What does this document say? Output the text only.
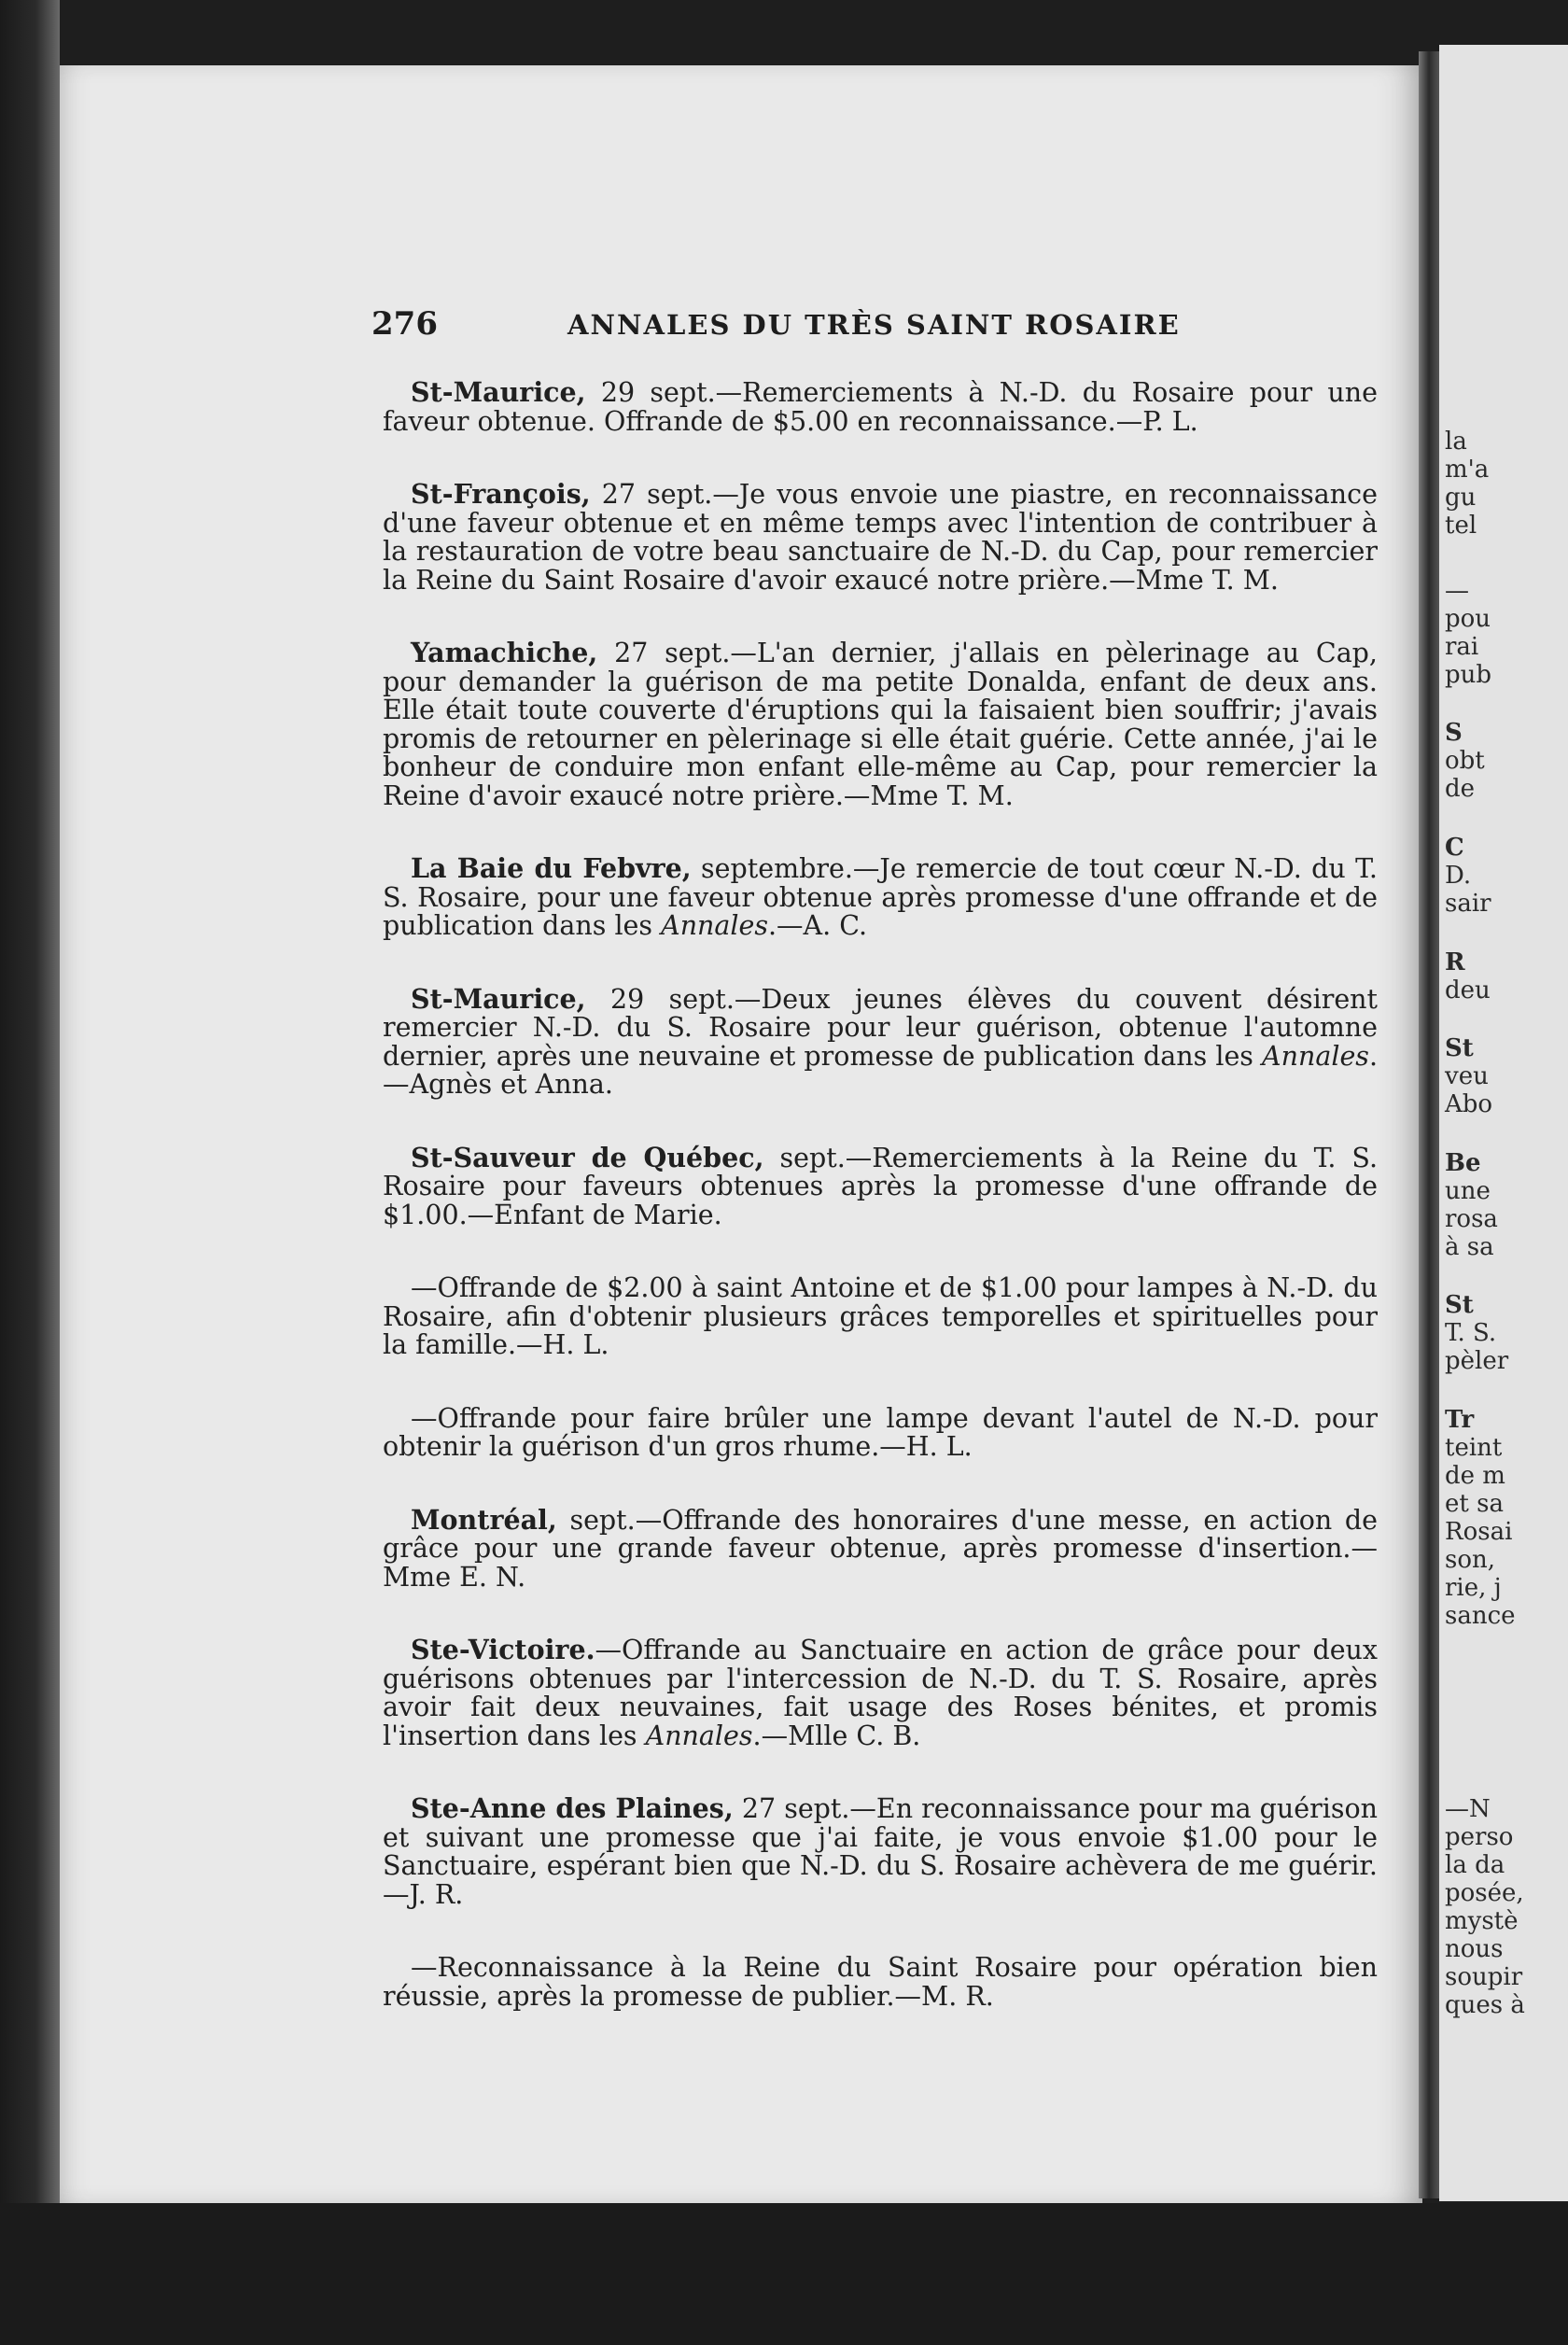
la
m'a
gu
tel
—
pou
rai
pub
S
obt
de
C
D.
sair
R
deu
St
veu
Abo
Be
une
rosa
à sa
St
T. S.
pèler
Tr
teint
de m
et sa
Rosai
son,
rie, j
sance
—N
perso
la da
posée,
mystè
nous
soupir
ques à
276	ANNALES DU TRÈS SAINT ROSAIRE

St-Maurice, 29 sept.—Remerciements à N.-D. du Rosaire pour une faveur obtenue. Offrande de $5.00 en reconnaissance.—P. L.

St-François, 27 sept.—Je vous envoie une piastre, en reconnaissance d'une faveur obtenue et en même temps avec l'intention de contribuer à la restauration de votre beau sanctuaire de N.-D. du Cap, pour remercier la Reine du Saint Rosaire d'avoir exaucé notre prière.—Mme T. M.

Yamachiche, 27 sept.—L'an dernier, j'allais en pèlerinage au Cap, pour demander la guérison de ma petite Donalda, enfant de deux ans. Elle était toute couverte d'éruptions qui la faisaient bien souffrir; j'avais promis de retourner en pèlerinage si elle était guérie. Cette année, j'ai le bonheur de conduire mon enfant elle-même au Cap, pour remercier la Reine d'avoir exaucé notre prière.—Mme T. M.

La Baie du Febvre, septembre.—Je remercie de tout cœur N.-D. du T. S. Rosaire, pour une faveur obtenue après promesse d'une offrande et de publication dans les Annales.—A. C.

St-Maurice, 29 sept.—Deux jeunes élèves du couvent désirent remercier N.-D. du S. Rosaire pour leur guérison, obtenue l'automne dernier, après une neuvaine et promesse de publication dans les Annales.—Agnès et Anna.

St-Sauveur de Québec, sept.—Remerciements à la Reine du T. S. Rosaire pour faveurs obtenues après la promesse d'une offrande de $1.00.—Enfant de Marie.

—Offrande de $2.00 à saint Antoine et de $1.00 pour lampes à N.-D. du Rosaire, afin d'obtenir plusieurs grâces temporelles et spirituelles pour la famille.—H. L.

—Offrande pour faire brûler une lampe devant l'autel de N.-D. pour obtenir la guérison d'un gros rhume.—H. L.

Montréal, sept.—Offrande des honoraires d'une messe, en action de grâce pour une grande faveur obtenue, après promesse d'insertion.—Mme E. N.

Ste-Victoire.—Offrande au Sanctuaire en action de grâce pour deux guérisons obtenues par l'intercession de N.-D. du T. S. Rosaire, après avoir fait deux neuvaines, fait usage des Roses bénites, et promis l'insertion dans les Annales.—Mlle C. B.

Ste-Anne des Plaines, 27 sept.—En reconnaissance pour ma guérison et suivant une promesse que j'ai faite, je vous envoie $1.00 pour le Sanctuaire, espérant bien que N.-D. du S. Rosaire achèvera de me guérir.—J. R.

—Reconnaissance à la Reine du Saint Rosaire pour opération bien réussie, après la promesse de publier.—M. R.
